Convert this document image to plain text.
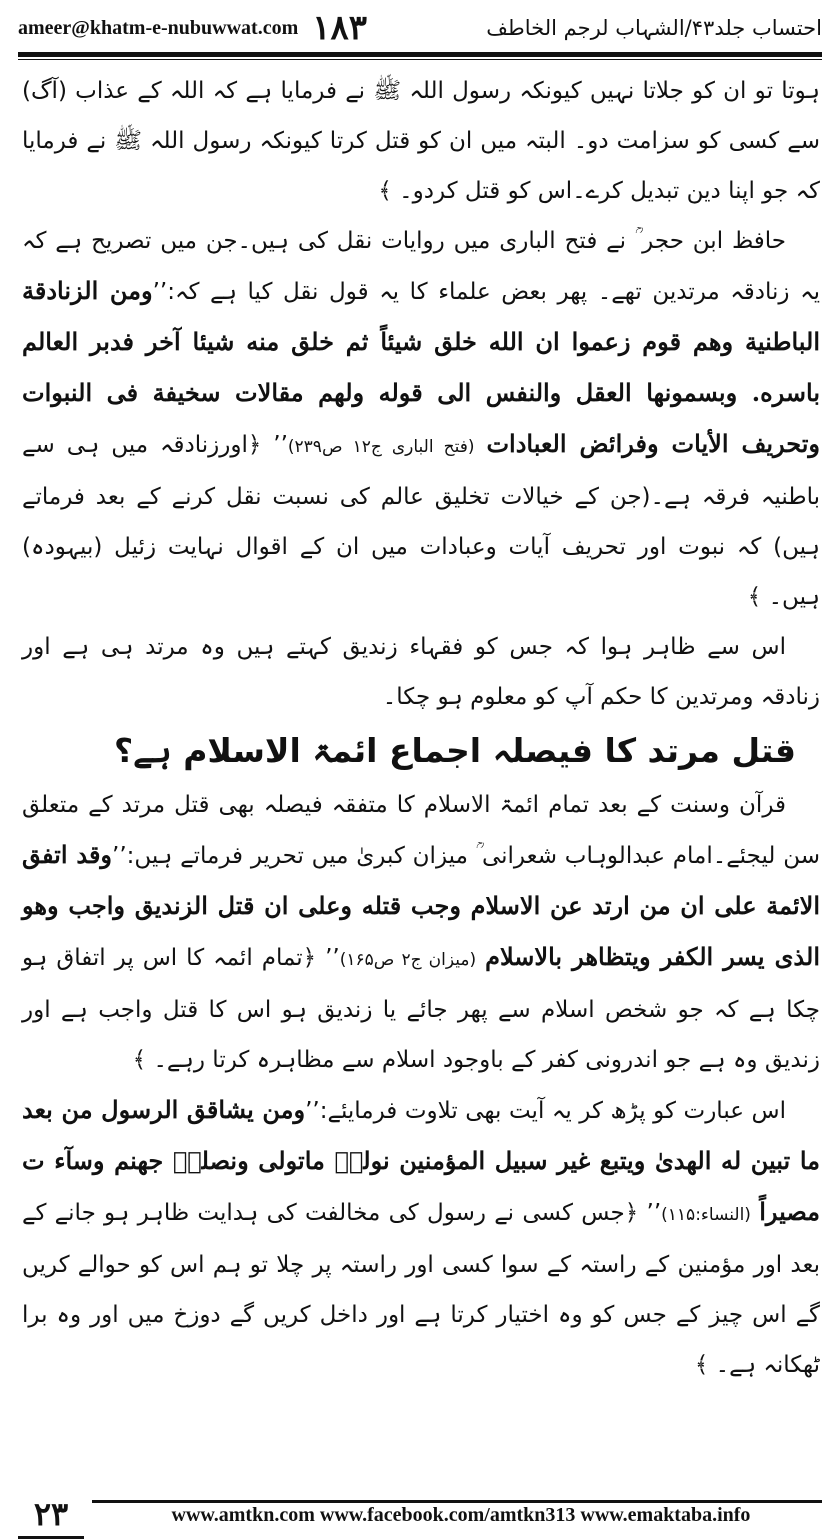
ameer@khatm-e-nubuwwat.com ۱۸۳	احتساب جلد۴۳/الشہاب لرجم الخاطف

ہوتا تو ان کو جلاتا نہیں کیونکہ رسول اللہ ﷺ نے فرمایا ہے کہ اللہ کے عذاب (آگ) سے کسی کو سزامت دو۔ البتہ میں ان کو قتل کرتا کیونکہ رسول اللہ ﷺ نے فرمایا کہ جو اپنا دین تبدیل کرے۔اس کو قتل کردو۔ ﴾

حافظ ابن حجر ؒ نے فتح الباری میں روایات نقل کی ہیں۔جن میں تصریح ہے کہ یہ زنادقہ مرتدین تھے۔ پھر بعض علماء کا یہ قول نقل کیا ہے کہ:’’ومن الزنادقة الباطنية وهم قوم زعموا ان الله خلق شيئاً ثم خلق منه شيئا آخر فدبر العالم باسره. وبسمونها العقل والنفس الى قوله ولهم مقالات سخيفة فى النبوات وتحريف الأيات وفرائض العبادات (فتح البارى ج۱۲ ص۲۳۹)’’ ﴿اورزنادقہ میں ہی سے باطنیہ فرقہ ہے۔(جن کے خیالات تخلیق عالم کی نسبت نقل کرنے کے بعد فرماتے ہیں) کہ نبوت اور تحریف آیات وعبادات میں ان کے اقوال نہایت زئیل (بیہودہ) ہیں۔ ﴾

اس سے ظاہر ہوا کہ جس کو فقہاء زندیق کہتے ہیں وہ مرتد ہی ہے اور زنادقہ ومرتدین کا حکم آپ کو معلوم ہو چکا۔

قتل مرتد کا فیصلہ اجماع ائمۃ الاسلام ہے؟

قرآن وسنت کے بعد تمام ائمۃ الاسلام کا متفقہ فیصلہ بھی قتل مرتد کے متعلق سن لیجئے۔امام عبدالوہاب شعرانی ؒ میزان کبریٰ میں تحریر فرماتے ہیں:’’وقد اتفق الائمة على ان من ارتد عن الاسلام وجب قتله وعلى ان قتل الزنديق واجب وهو الذى يسر الكفر ويتظاهر بالاسلام (ميزان ج۲ ص۱۶۵)’’ ﴿تمام ائمہ کا اس پر اتفاق ہو چکا ہے کہ جو شخص اسلام سے پھر جائے یا زندیق ہو اس کا قتل واجب ہے اور زندیق وہ ہے جو اندرونی کفر کے باوجود اسلام سے مظاہرہ کرتا رہے۔ ﴾

اس عبارت کو پڑھ کر یہ آیت بھی تلاوت فرمایئے:’’ومن يشاقق الرسول من بعد ما تبين له الهدىٰ ويتبع غير سبيل المؤمنين نولهٖ ماتولى ونصلهٖ جهنم وسآء ت مصيراً (النساء:۱۱۵)’’ ﴿جس کسی نے رسول کی مخالفت کی ہدایت ظاہر ہو جانے کے بعد اور مؤمنین کے راستہ کے سوا کسی اور راستہ پر چلا تو ہم اس کو حوالے کریں گے اس چیز کے جس کو وہ اختیار کرتا ہے اور داخل کریں گے دوزخ میں اور وہ برا ٹھکانہ ہے۔ ﴾

۲۳	www.amtkn.com www.facebook.com/amtkn313 www.emaktaba.info
